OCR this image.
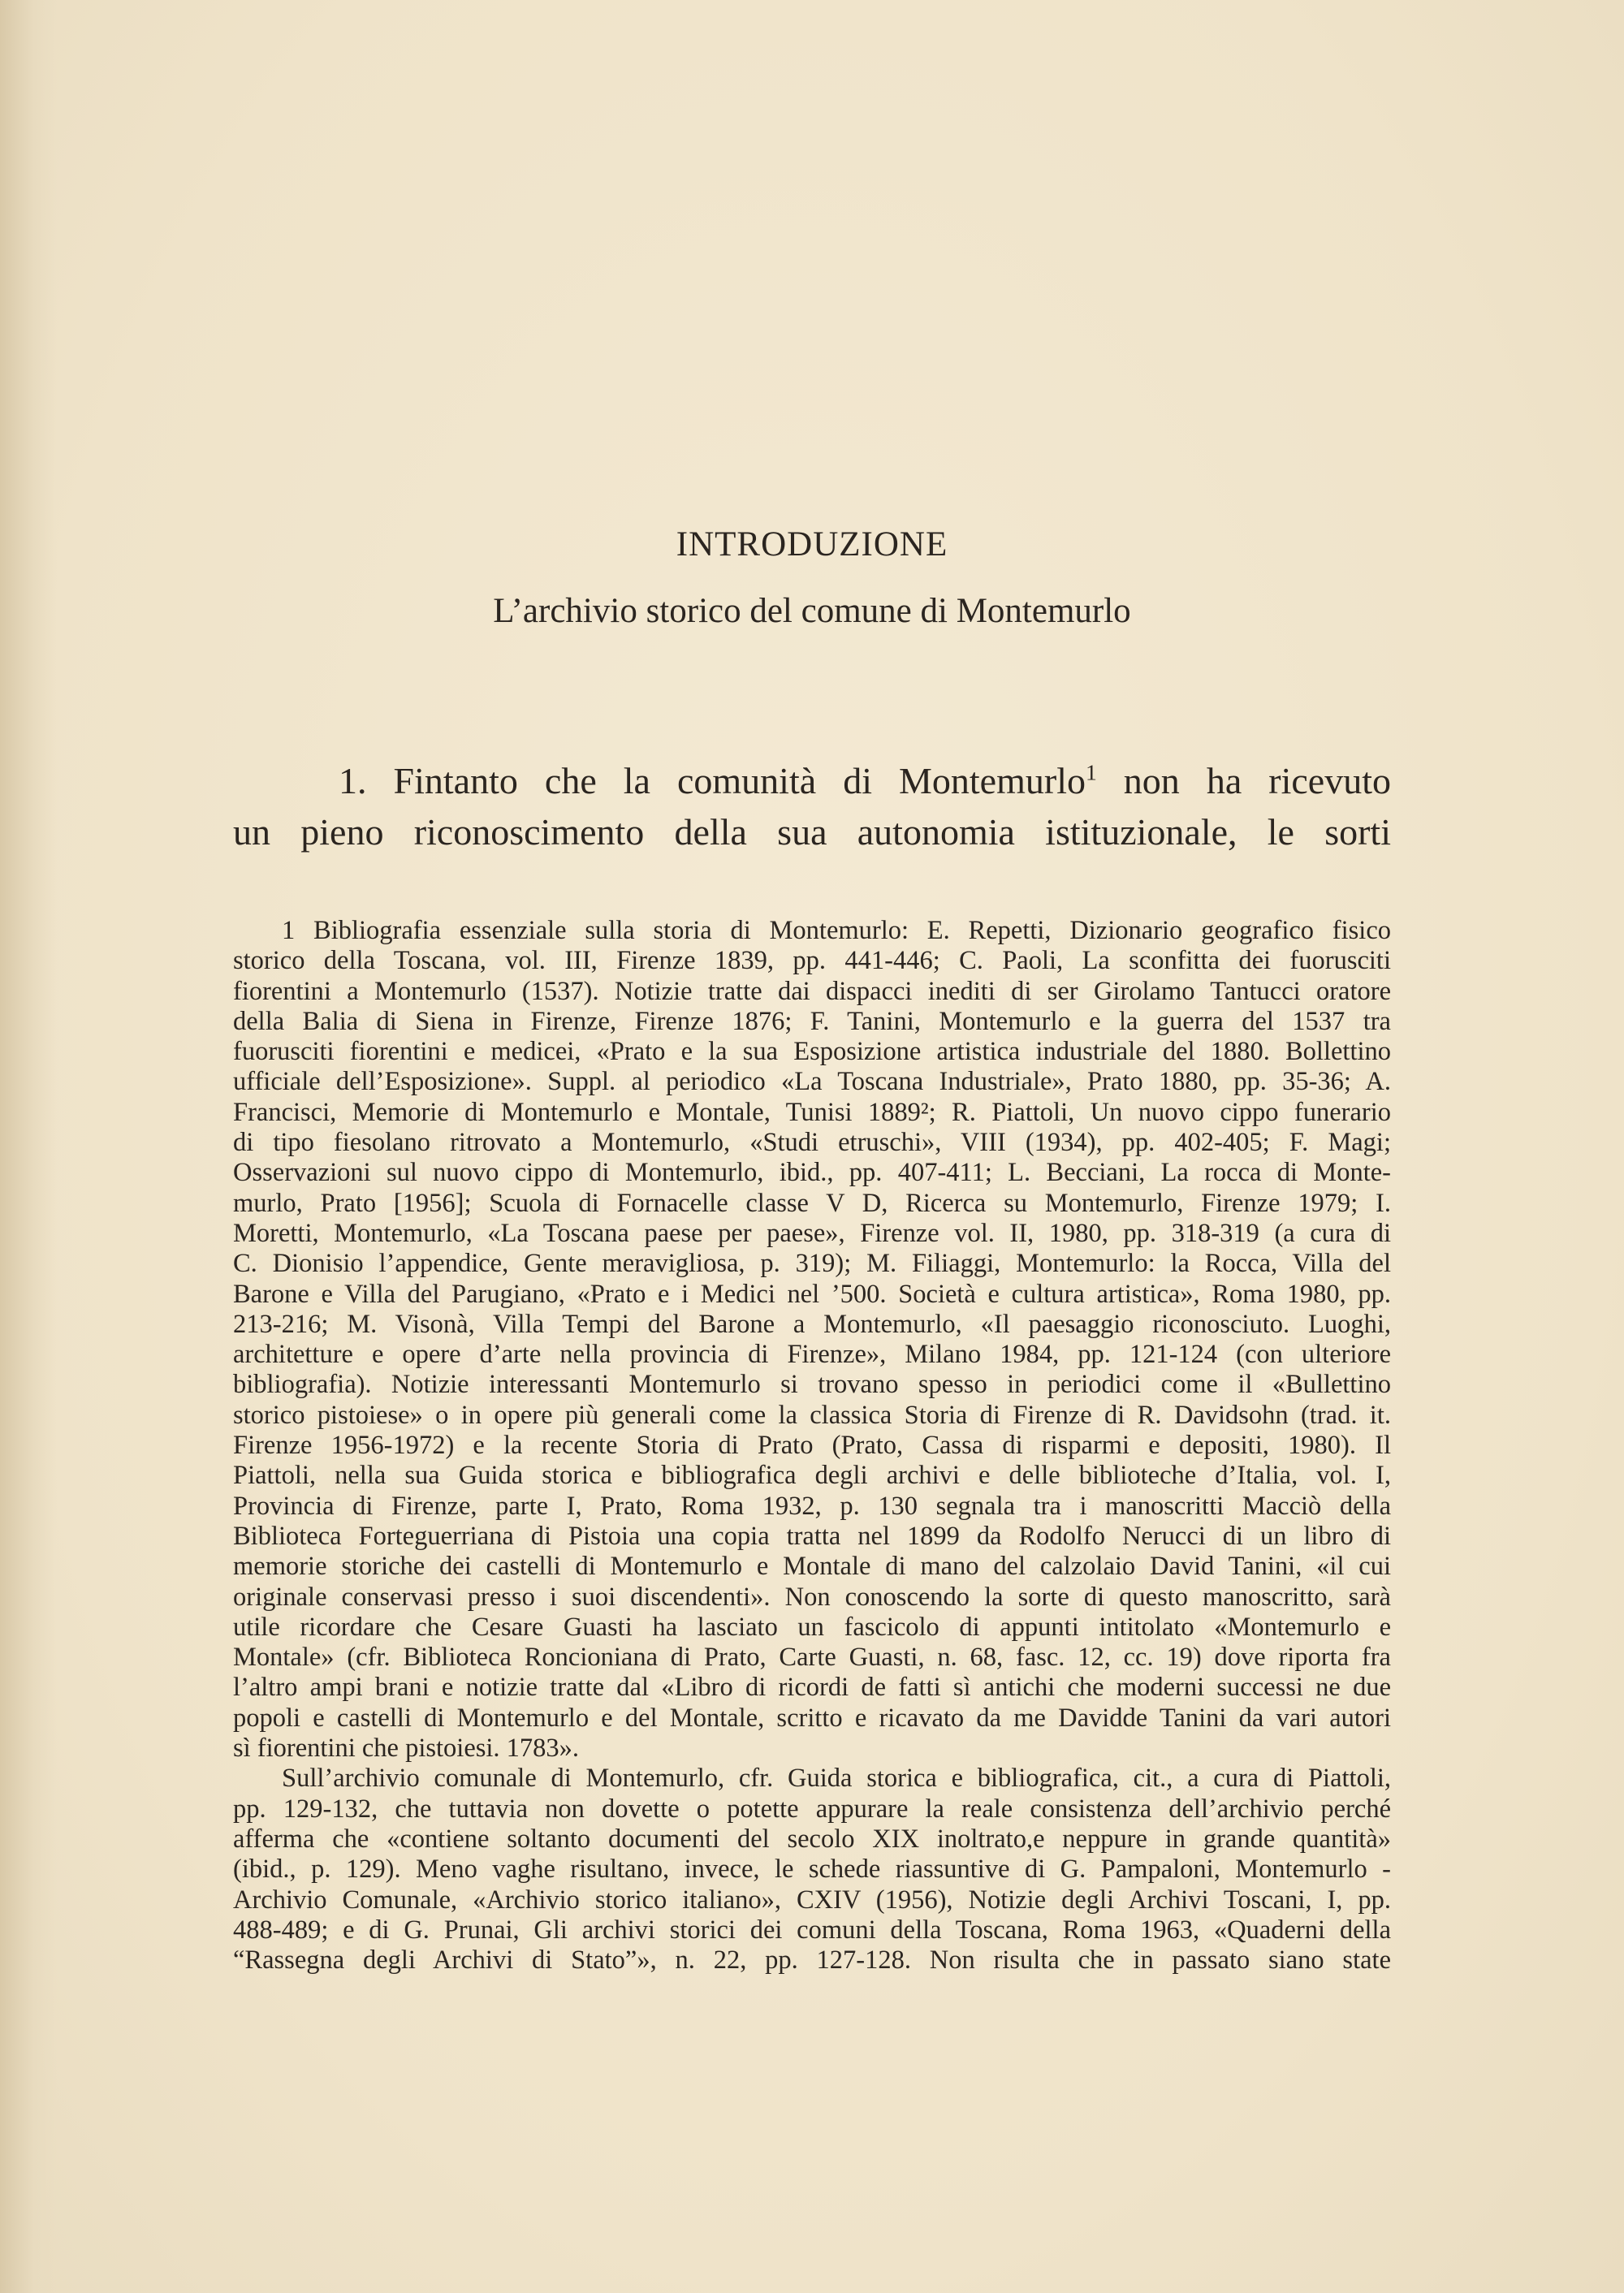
INTRODUZIONE
L’archivio storico del comune di Montemurlo
1. Fintanto che la comunità di Montemurlo$^1$ non ha ricevuto
un pieno riconoscimento della sua autonomia istituzionale, le sorti
1 Bibliografia essenziale sulla storia di Montemurlo: E. Repetti, Dizionario geografico fisico
storico della Toscana, vol. III, Firenze 1839, pp. 441-446; C. Paoli, La sconfitta dei fuorusciti
fiorentini a Montemurlo (1537). Notizie tratte dai dispacci inediti di ser Girolamo Tantucci oratore
della Balia di Siena in Firenze, Firenze 1876; F. Tanini, Montemurlo e la guerra del 1537 tra
fuorusciti fiorentini e medicei, «Prato e la sua Esposizione artistica industriale del 1880. Bollettino
ufficiale dell’Esposizione». Suppl. al periodico «La Toscana Industriale», Prato 1880, pp. 35-36; A.
Francisci, Memorie di Montemurlo e Montale, Tunisi 1889²; R. Piattoli, Un nuovo cippo funerario
di tipo fiesolano ritrovato a Montemurlo, «Studi etruschi», VIII (1934), pp. 402-405; F. Magi;
Osservazioni sul nuovo cippo di Montemurlo, ibid., pp. 407-411; L. Becciani, La rocca di Monte-
murlo, Prato [1956]; Scuola di Fornacelle classe V D, Ricerca su Montemurlo, Firenze 1979; I.
Moretti, Montemurlo, «La Toscana paese per paese», Firenze vol. II, 1980, pp. 318-319 (a cura di
C. Dionisio l’appendice, Gente meravigliosa, p. 319); M. Filiaggi, Montemurlo: la Rocca, Villa del
Barone e Villa del Parugiano, «Prato e i Medici nel ’500. Società e cultura artistica», Roma 1980, pp.
213-216; M. Visonà, Villa Tempi del Barone a Montemurlo, «Il paesaggio riconosciuto. Luoghi,
architetture e opere d’arte nella provincia di Firenze», Milano 1984, pp. 121-124 (con ulteriore
bibliografia). Notizie interessanti Montemurlo si trovano spesso in periodici come il «Bullettino
storico pistoiese» o in opere più generali come la classica Storia di Firenze di R. Davidsohn (trad. it.
Firenze 1956-1972) e la recente Storia di Prato (Prato, Cassa di risparmi e depositi, 1980). Il
Piattoli, nella sua Guida storica e bibliografica degli archivi e delle biblioteche d’Italia, vol. I,
Provincia di Firenze, parte I, Prato, Roma 1932, p. 130 segnala tra i manoscritti Macciò della
Biblioteca Forteguerriana di Pistoia una copia tratta nel 1899 da Rodolfo Nerucci di un libro di
memorie storiche dei castelli di Montemurlo e Montale di mano del calzolaio David Tanini, «il cui
originale conservasi presso i suoi discendenti». Non conoscendo la sorte di questo manoscritto, sarà
utile ricordare che Cesare Guasti ha lasciato un fascicolo di appunti intitolato «Montemurlo e
Montale» (cfr. Biblioteca Roncioniana di Prato, Carte Guasti, n. 68, fasc. 12, cc. 19) dove riporta fra
l’altro ampi brani e notizie tratte dal «Libro di ricordi de fatti sì antichi che moderni successi ne due
popoli e castelli di Montemurlo e del Montale, scritto e ricavato da me Davidde Tanini da vari autori
sì fiorentini che pistoiesi. 1783».
Sull’archivio comunale di Montemurlo, cfr. Guida storica e bibliografica, cit., a cura di Piattoli,
pp. 129-132, che tuttavia non dovette o potette appurare la reale consistenza dell’archivio perché
afferma che «contiene soltanto documenti del secolo XIX inoltrato,e neppure in grande quantità»
(ibid., p. 129). Meno vaghe risultano, invece, le schede riassuntive di G. Pampaloni, Montemurlo -
Archivio Comunale, «Archivio storico italiano», CXIV (1956), Notizie degli Archivi Toscani, I, pp.
488-489; e di G. Prunai, Gli archivi storici dei comuni della Toscana, Roma 1963, «Quaderni della
“Rassegna degli Archivi di Stato”», n. 22, pp. 127-128. Non risulta che in passato siano state
